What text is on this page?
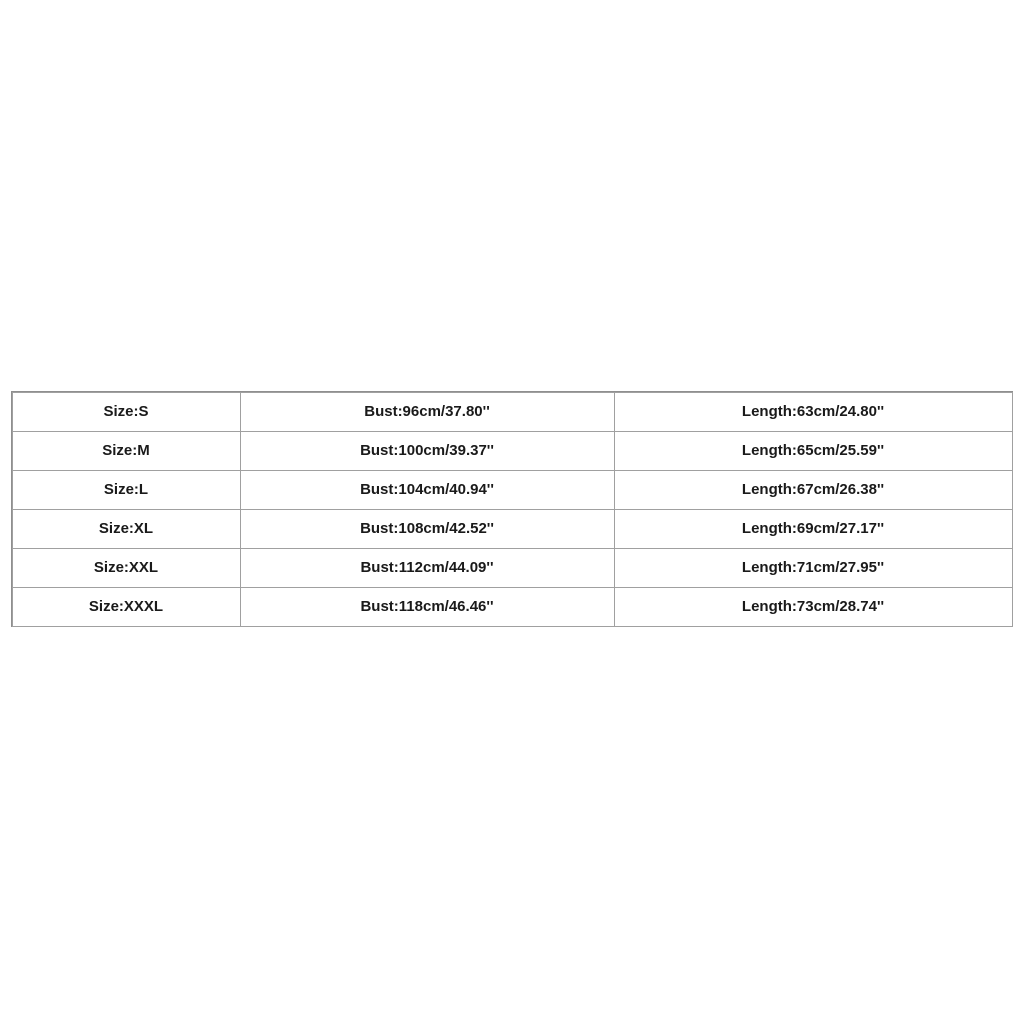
Size:S	Bust:96cm/37.80''	Length:63cm/24.80''
Size:M	Bust:100cm/39.37''	Length:65cm/25.59''
Size:L	Bust:104cm/40.94''	Length:67cm/26.38''
Size:XL	Bust:108cm/42.52''	Length:69cm/27.17''
Size:XXL	Bust:112cm/44.09''	Length:71cm/27.95''
Size:XXXL	Bust:118cm/46.46''	Length:73cm/28.74''
